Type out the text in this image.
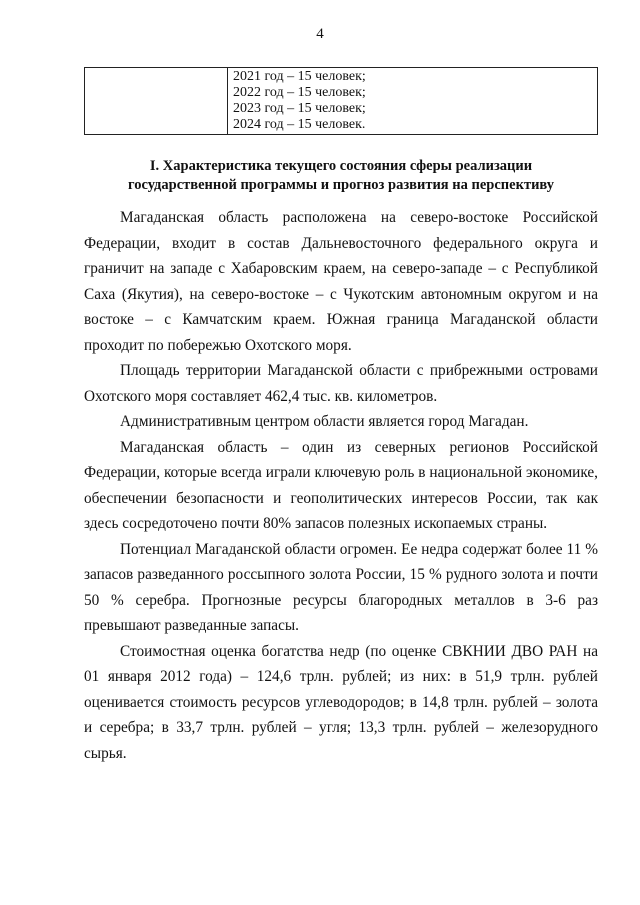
4

2021 год – 15 человек;
2022 год – 15 человек;
2023 год – 15 человек;
2024 год – 15 человек.
I. Характеристика текущего состояния сферы реализации
государственной программы и прогноз развития на перспективу

Магаданская область расположена на северо-востоке Российской Федерации, входит в состав Дальневосточного федерального округа и граничит на западе с Хабаровским краем, на северо-западе – с Республикой Саха (Якутия), на северо-востоке – с Чукотским автономным округом и на востоке – с Камчатским краем. Южная граница Магаданской области проходит по побережью Охотского моря.

Площадь территории Магаданской области с прибрежными островами Охотского моря составляет 462,4 тыс. кв. километров.

Административным центром области является город Магадан.

Магаданская область – один из северных регионов Российской Федерации, которые всегда играли ключевую роль в национальной экономике, обеспечении безопасности и геополитических интересов России, так как здесь сосредоточено почти 80% запасов полезных ископаемых страны.

Потенциал Магаданской области огромен. Ее недра содержат более 11 % запасов разведанного россыпного золота России, 15 % рудного золота и почти 50 % серебра. Прогнозные ресурсы благородных металлов в 3-6 раз превышают разведанные запасы.

Стоимостная оценка богатства недр (по оценке СВКНИИ ДВО РАН на 01 января 2012 года) – 124,6 трлн. рублей; из них: в 51,9 трлн. рублей оценивается стоимость ресурсов углеводородов; в 14,8 трлн. рублей – золота и серебра; в 33,7 трлн. рублей – угля; 13,3 трлн. рублей – железорудного сырья.
